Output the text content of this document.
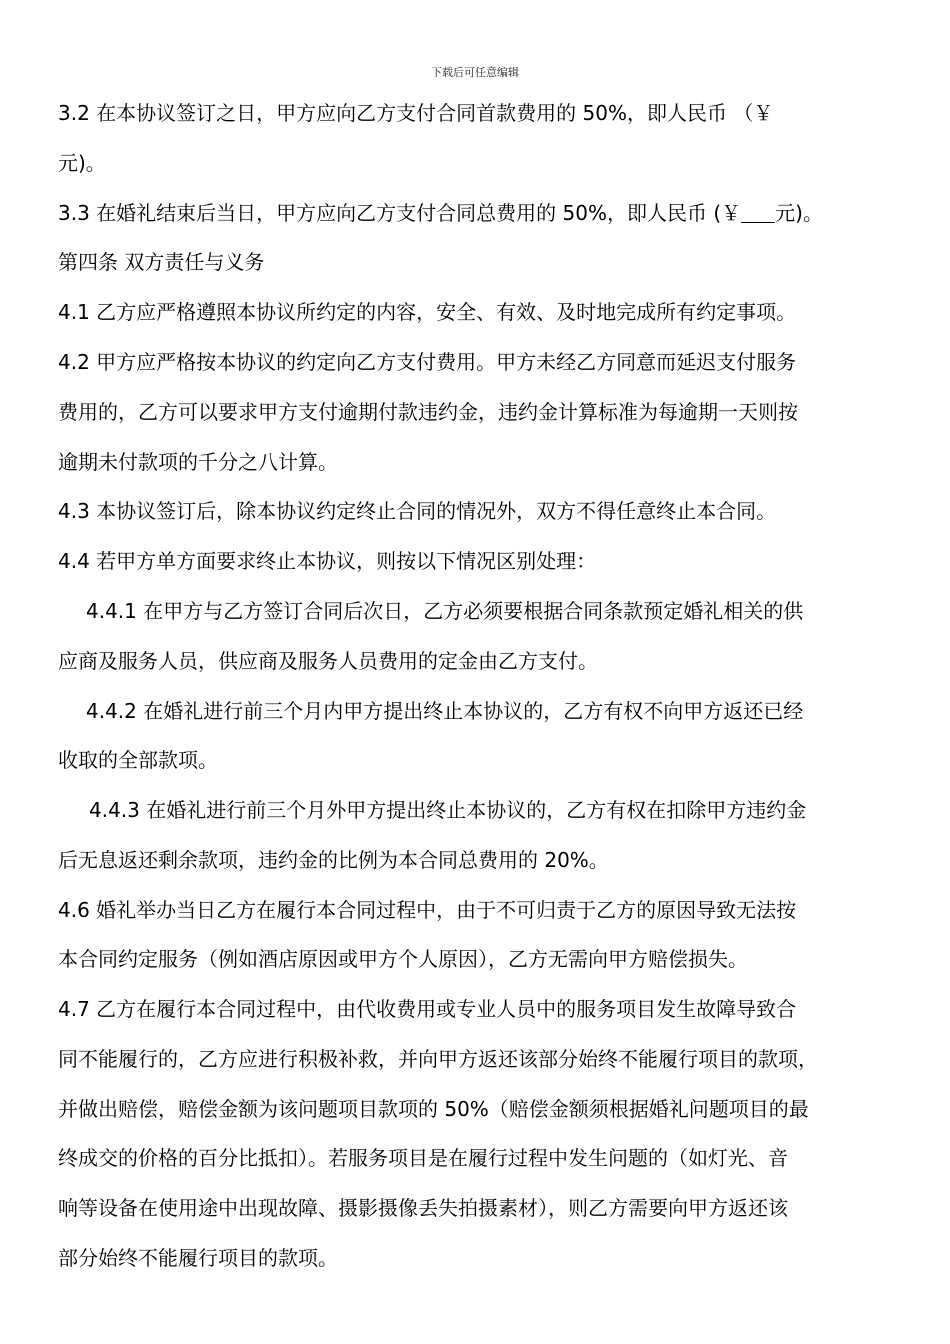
下载后可任意编辑
3.2 在本协议签订之日，甲方应向乙方支付合同首款费用的 50%，即人民币 （￥
元)。
3.3 在婚礼结束后当日，甲方应向乙方支付合同总费用的 50%，即人民币 (￥ 元)。
第四条 双方责任与义务
4.1 乙方应严格遵照本协议所约定的内容，安全、有效、及时地完成所有约定事项。
4.2 甲方应严格按本协议的约定向乙方支付费用。甲方未经乙方同意而延迟支付服务
费用的，乙方可以要求甲方支付逾期付款违约金，违约金计算标准为每逾期一天则按
逾期未付款项的千分之八计算。
4.3 本协议签订后，除本协议约定终止合同的情况外，双方不得任意终止本合同。
4.4 若甲方单方面要求终止本协议，则按以下情况区别处理：
4.4.1 在甲方与乙方签订合同后次日，乙方必须要根据合同条款预定婚礼相关的供
应商及服务人员，供应商及服务人员费用的定金由乙方支付。
4.4.2 在婚礼进行前三个月内甲方提出终止本协议的，乙方有权不向甲方返还已经
收取的全部款项。
4.4.3 在婚礼进行前三个月外甲方提出终止本协议的，乙方有权在扣除甲方违约金
后无息返还剩余款项，违约金的比例为本合同总费用的 20%。
4.6 婚礼举办当日乙方在履行本合同过程中，由于不可归责于乙方的原因导致无法按
本合同约定服务（例如酒店原因或甲方个人原因），乙方无需向甲方赔偿损失。
4.7 乙方在履行本合同过程中，由代收费用或专业人员中的服务项目发生故障导致合
同不能履行的，乙方应进行积极补救，并向甲方返还该部分始终不能履行项目的款项，
并做出赔偿，赔偿金额为该问题项目款项的 50%（赔偿金额须根据婚礼问题项目的最
终成交的价格的百分比抵扣）。若服务项目是在履行过程中发生问题的（如灯光、音
响等设备在使用途中出现故障、摄影摄像丢失拍摄素材），则乙方需要向甲方返还该
部分始终不能履行项目的款项。
